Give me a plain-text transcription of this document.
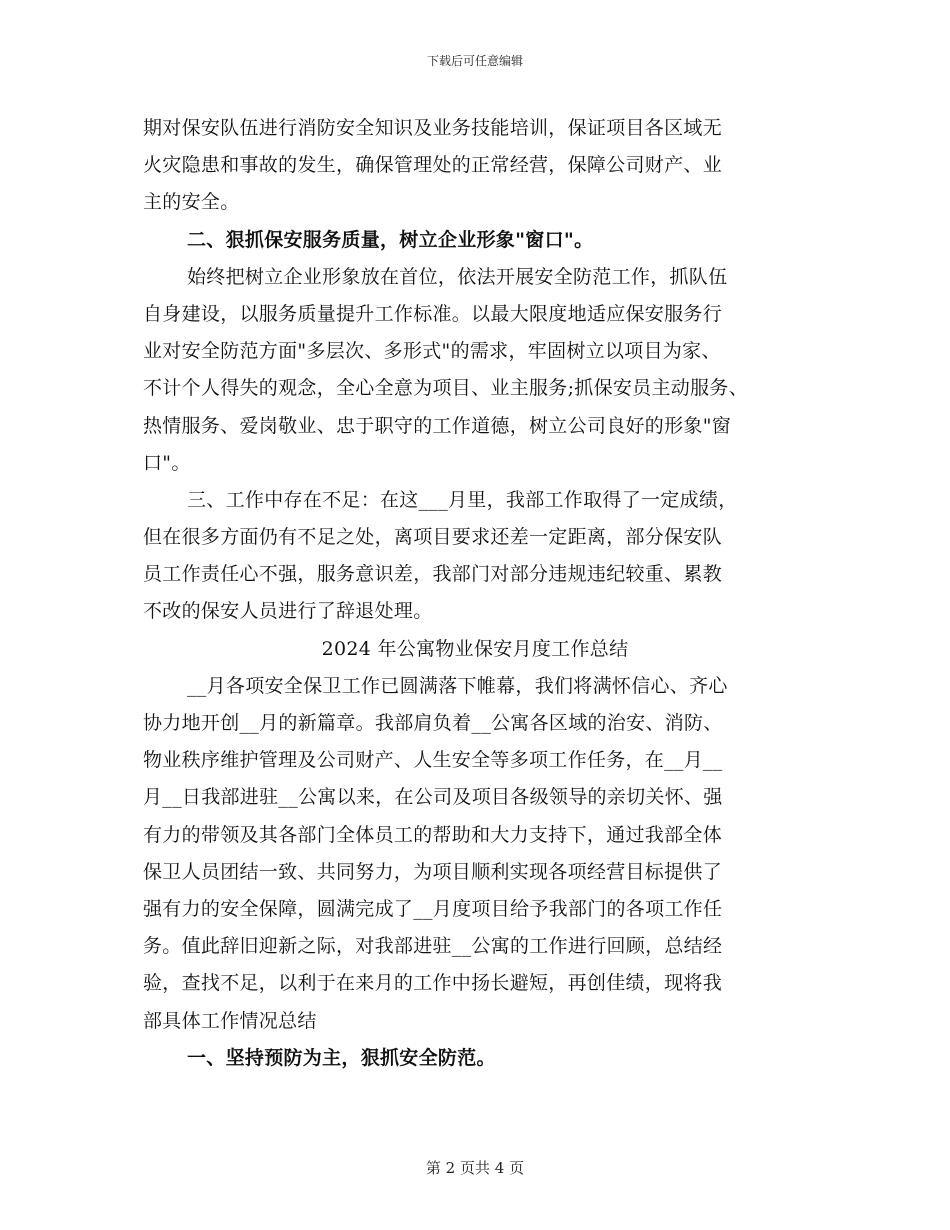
下载后可任意编辑
期对保安队伍进行消防安全知识及业务技能培训，保证项目各区域无
火灾隐患和事故的发生，确保管理处的正常经营，保障公司财产、业
主的安全。
二、狠抓保安服务质量，树立企业形象"窗口"。
始终把树立企业形象放在首位，依法开展安全防范工作，抓队伍
自身建设，以服务质量提升工作标准。以最大限度地适应保安服务行
业对安全防范方面"多层次、多形式"的需求，牢固树立以项目为家、
不计个人得失的观念，全心全意为项目、业主服务;抓保安员主动服务、
热情服务、爱岗敬业、忠于职守的工作道德，树立公司良好的形象"窗
口"。
三、工作中存在不足：在这___月里，我部工作取得了一定成绩，
但在很多方面仍有不足之处，离项目要求还差一定距离，部分保安队
员工作责任心不强，服务意识差，我部门对部分违规违纪较重、累教
不改的保安人员进行了辞退处理。
2024 年公寓物业保安月度工作总结
__月各项安全保卫工作已圆满落下帷幕，我们将满怀信心、齐心
协力地开创__月的新篇章。我部肩负着__公寓各区域的治安、消防、
物业秩序维护管理及公司财产、人生安全等多项工作任务，在__月__
月__日我部进驻__公寓以来，在公司及项目各级领导的亲切关怀、强
有力的带领及其各部门全体员工的帮助和大力支持下，通过我部全体
保卫人员团结一致、共同努力，为项目顺利实现各项经营目标提供了
强有力的安全保障，圆满完成了__月度项目给予我部门的各项工作任
务。值此辞旧迎新之际，对我部进驻__公寓的工作进行回顾，总结经
验，查找不足，以利于在来月的工作中扬长避短，再创佳绩，现将我
部具体工作情况总结
一、坚持预防为主，狠抓安全防范。
第 2 页共 4 页
